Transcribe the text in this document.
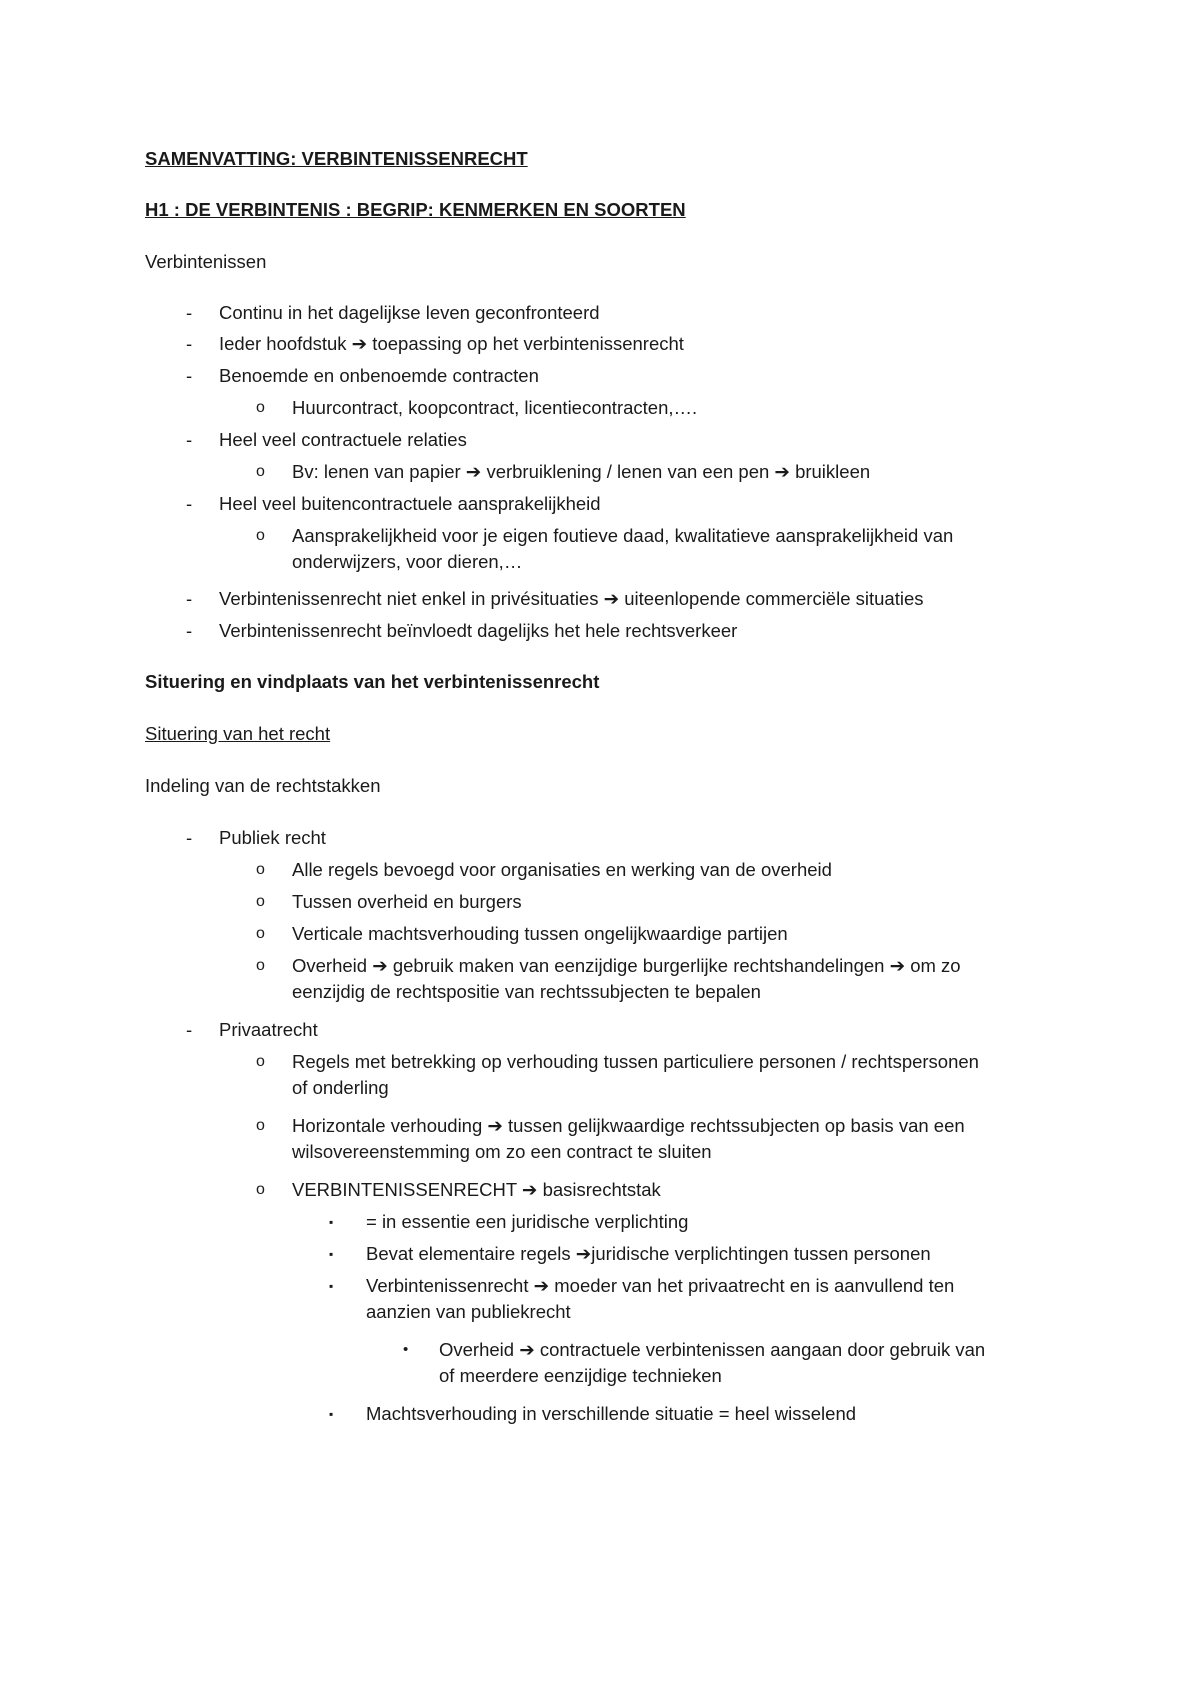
SAMENVATTING: VERBINTENISSENRECHT
H1 : DE VERBINTENIS : BEGRIP: KENMERKEN EN SOORTEN
Verbintenissen
- Continu in het dagelijkse leven geconfronteerd
- Ieder hoofdstuk ➔ toepassing op het verbintenissenrecht
- Benoemde en onbenoemde contracten
o Huurcontract, koopcontract, licentiecontracten,….
- Heel veel contractuele relaties
o Bv: lenen van papier ➔ verbruiklening / lenen van een pen ➔ bruikleen
- Heel veel buitencontractuele aansprakelijkheid
o Aansprakelijkheid voor je eigen foutieve daad, kwalitatieve aansprakelijkheid van
onderwijzers, voor dieren,…
- Verbintenissenrecht niet enkel in privésituaties ➔ uiteenlopende commerciële situaties
- Verbintenissenrecht beïnvloedt dagelijks het hele rechtsverkeer
Situering en vindplaats van het verbintenissenrecht
Situering van het recht
Indeling van de rechtstakken
- Publiek recht
o Alle regels bevoegd voor organisaties en werking van de overheid
o Tussen overheid en burgers
o Verticale machtsverhouding tussen ongelijkwaardige partijen
o Overheid ➔ gebruik maken van eenzijdige burgerlijke rechtshandelingen ➔ om zo
eenzijdig de rechtspositie van rechtssubjecten te bepalen
- Privaatrecht
o Regels met betrekking op verhouding tussen particuliere personen / rechtspersonen
of onderling
o Horizontale verhouding ➔ tussen gelijkwaardige rechtssubjecten op basis van een
wilsovereenstemming om zo een contract te sluiten
o VERBINTENISSENRECHT ➔ basisrechtstak
▪ = in essentie een juridische verplichting
▪ Bevat elementaire regels ➔juridische verplichtingen tussen personen
▪ Verbintenissenrecht ➔ moeder van het privaatrecht en is aanvullend ten
aanzien van publiekrecht
• Overheid ➔ contractuele verbintenissen aangaan door gebruik van
of meerdere eenzijdige technieken
▪ Machtsverhouding in verschillende situatie = heel wisselend
